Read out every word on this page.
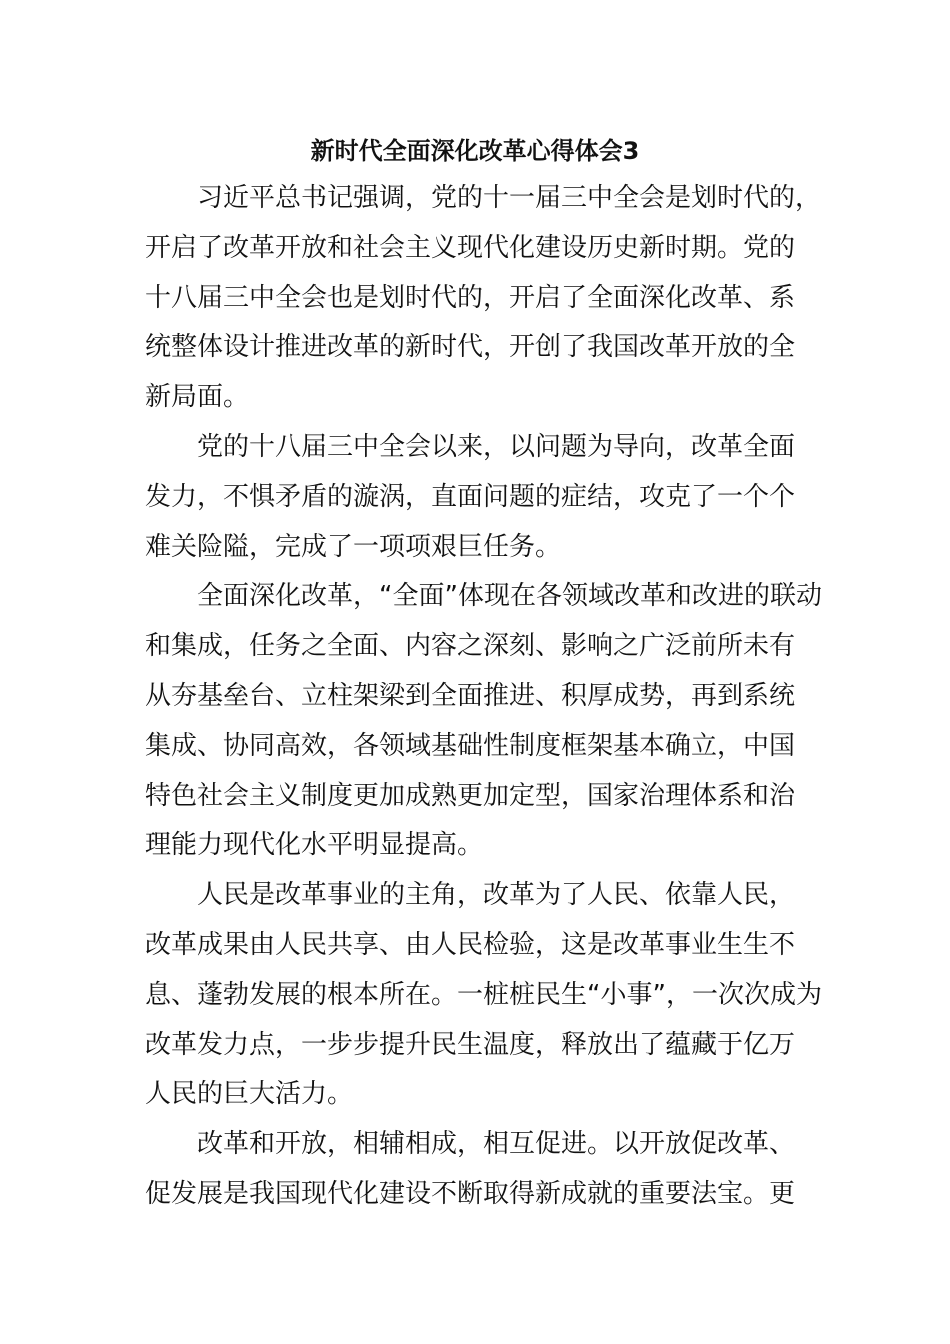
新时代全面深化改革心得体会3

习近平总书记强调，党的十一届三中全会是划时代的，
开启了改革开放和社会主义现代化建设历史新时期。党的
十八届三中全会也是划时代的，开启了全面深化改革、系
统整体设计推进改革的新时代，开创了我国改革开放的全
新局面。

党的十八届三中全会以来，以问题为导向，改革全面
发力，不惧矛盾的漩涡，直面问题的症结，攻克了一个个
难关险隘，完成了一项项艰巨任务。

全面深化改革，“全面”体现在各领域改革和改进的联动
和集成，任务之全面、内容之深刻、影响之广泛前所未有
从夯基垒台、立柱架梁到全面推进、积厚成势，再到系统
集成、协同高效，各领域基础性制度框架基本确立，中国
特色社会主义制度更加成熟更加定型，国家治理体系和治
理能力现代化水平明显提高。

人民是改革事业的主角，改革为了人民、依靠人民，
改革成果由人民共享、由人民检验，这是改革事业生生不
息、蓬勃发展的根本所在。一桩桩民生“小事”，一次次成为
改革发力点，一步步提升民生温度，释放出了蕴藏于亿万
人民的巨大活力。

改革和开放，相辅相成，相互促进。以开放促改革、
促发展是我国现代化建设不断取得新成就的重要法宝。更
